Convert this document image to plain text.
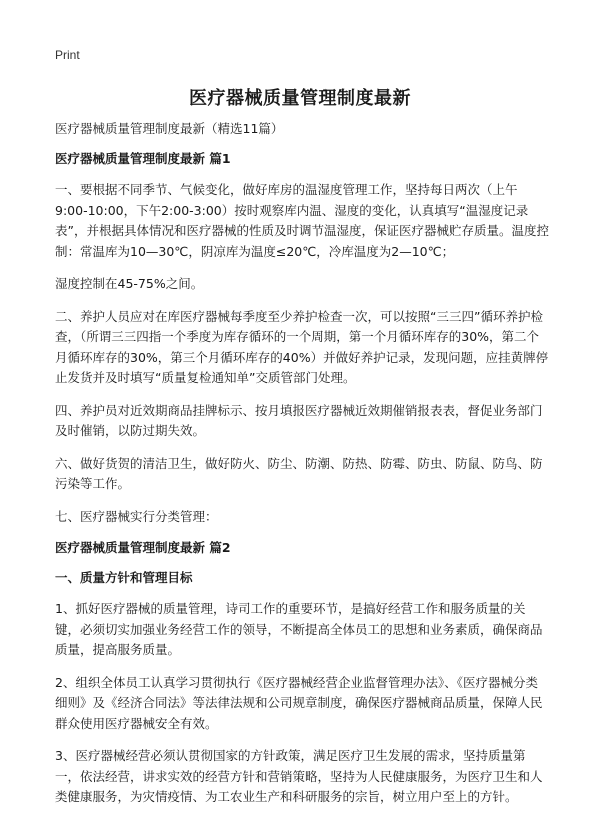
Print
医疗器械质量管理制度最新

医疗器械质量管理制度最新（精选11篇）

医疗器械质量管理制度最新 篇1

一、要根据不同季节、气候变化，做好库房的温湿度管理工作，坚持每日两次（上午9:00-10:00，下午2:00-3:00）按时观察库内温、湿度的变化，认真填写“温湿度记录表”，并根据具体情况和医疗器械的性质及时调节温湿度，保证医疗器械贮存质量。温度控制：常温库为10—30℃，阴凉库为温度≤20℃，冷库温度为2—10℃；

湿度控制在45-75%之间。

二、养护人员应对在库医疗器械每季度至少养护检查一次，可以按照“三三四”循环养护检查，（所谓三三四指一个季度为库存循环的一个周期，第一个月循环库存的30%，第二个月循环库存的30%，第三个月循环库存的40%）并做好养护记录，发现问题，应挂黄牌停止发货并及时填写“质量复检通知单”交质管部门处理。

四、养护员对近效期商品挂牌标示、按月填报医疗器械近效期催销报表表，督促业务部门及时催销，以防过期失效。

六、做好货贺的清洁卫生，做好防火、防尘、防潮、防热、防霉、防虫、防鼠、防鸟、防污染等工作。

七、医疗器械实行分类管理：

医疗器械质量管理制度最新 篇2
一、质量方针和管理目标

1、抓好医疗器械的质量管理，诗司工作的重要环节，是搞好经营工作和服务质量的关键，必须切实加强业务经营工作的领导，不断提高全体员工的思想和业务素质，确保商品质量，提高服务质量。

2、组织全体员工认真学习贯彻执行《医疗器械经营企业监督管理办法》、《医疗器械分类细则》及《经济合同法》等法律法规和公司规章制度，确保医疗器械商品质量，保障人民群众使用医疗器械安全有效。

3、医疗器械经营必须认贯彻国家的方针政策，满足医疗卫生发展的需求，坚持质量第一，依法经营，讲求实效的经营方针和营销策略，坚持为人民健康服务，为医疗卫生和人类健康服务，为灾情疫情、为工农业生产和科研服务的宗旨，树立用户至上的方针。
